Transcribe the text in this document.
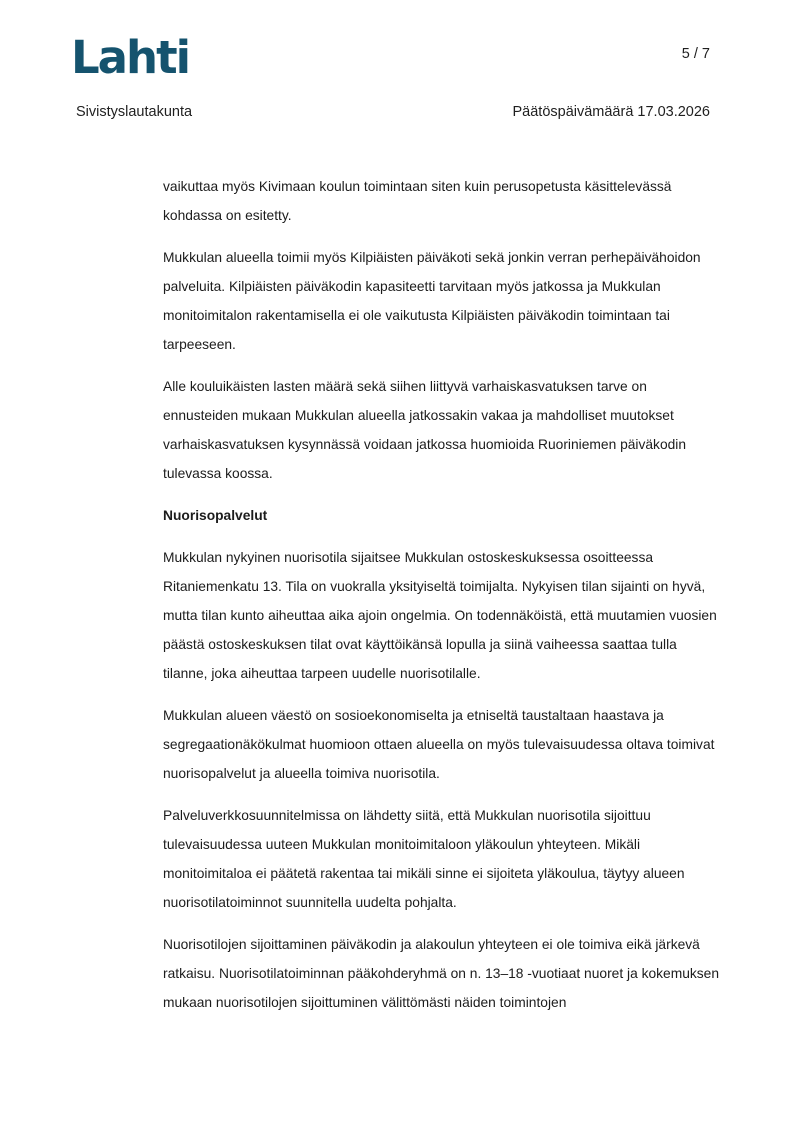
Lahti	5 / 7
Sivistyslautakunta	Päätöspäivämäärä 17.03.2026

vaikuttaa myös Kivimaan koulun toimintaan siten kuin perusopetusta käsittelevässä kohdassa on esitetty.

Mukkulan alueella toimii myös Kilpiäisten päiväkoti sekä jonkin verran perhepäivähoidon palveluita. Kilpiäisten päiväkodin kapasiteetti tarvitaan myös jatkossa ja Mukkulan monitoimitalon rakentamisella ei ole vaikutusta Kilpiäisten päiväkodin toimintaan tai tarpeeseen.

Alle kouluikäisten lasten määrä sekä siihen liittyvä varhaiskasvatuksen tarve on ennusteiden mukaan Mukkulan alueella jatkossakin vakaa ja mahdolliset muutokset varhaiskasvatuksen kysynnässä voidaan jatkossa huomioida Ruoriniemen päiväkodin tulevassa koossa.

Nuorisopalvelut

Mukkulan nykyinen nuorisotila sijaitsee Mukkulan ostoskeskuksessa osoitteessa Ritaniemenkatu 13. Tila on vuokralla yksityiseltä toimijalta. Nykyisen tilan sijainti on hyvä, mutta tilan kunto aiheuttaa aika ajoin ongelmia. On todennäköistä, että muutamien vuosien päästä ostoskeskuksen tilat ovat käyttöikänsä lopulla ja siinä vaiheessa saattaa tulla tilanne, joka aiheuttaa tarpeen uudelle nuorisotilalle.

Mukkulan alueen väestö on sosioekonomiselta ja etniseltä taustaltaan haastava ja segregaationäkökulmat huomioon ottaen alueella on myös tulevaisuudessa oltava toimivat nuorisopalvelut ja alueella toimiva nuorisotila.

Palveluverkkosuunnitelmissa on lähdetty siitä, että Mukkulan nuorisotila sijoittuu tulevaisuudessa uuteen Mukkulan monitoimitaloon yläkoulun yhteyteen. Mikäli monitoimitaloa ei päätetä rakentaa tai mikäli sinne ei sijoiteta yläkoulua, täytyy alueen nuorisotilatoiminnot suunnitella uudelta pohjalta.

Nuorisotilojen sijoittaminen päiväkodin ja alakoulun yhteyteen ei ole toimiva eikä järkevä ratkaisu. Nuorisotilatoiminnan pääkohderyhmä on n. 13–18 -vuotiaat nuoret ja kokemuksen mukaan nuorisotilojen sijoittuminen välittömästi näiden toimintojen
